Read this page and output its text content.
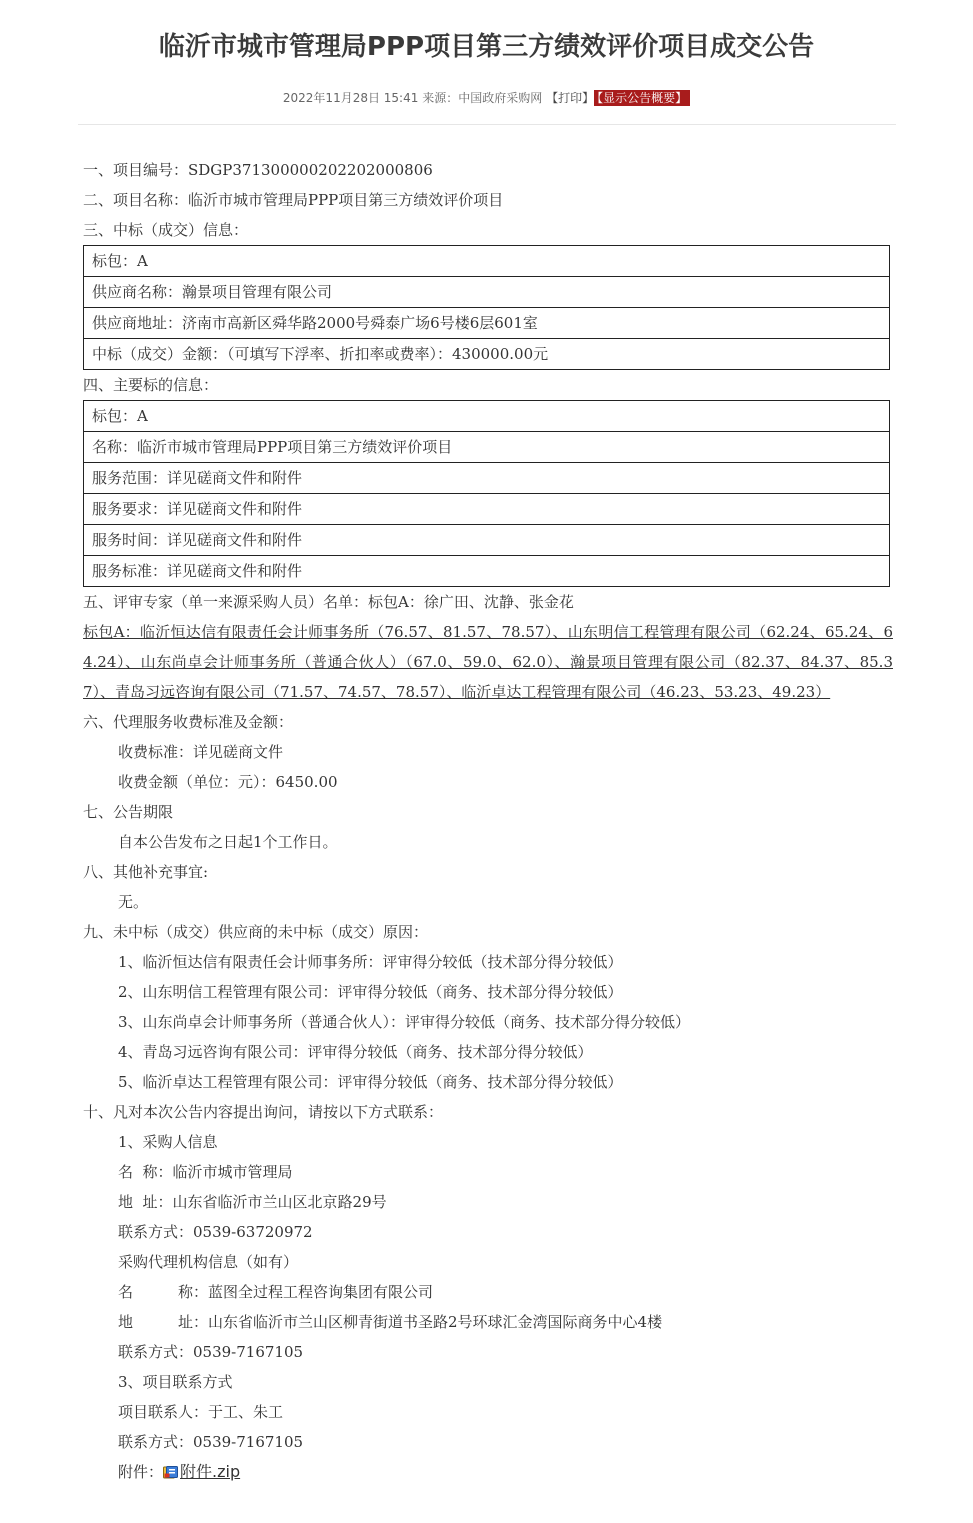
临沂市城市管理局PPP项目第三方绩效评价项目成交公告
2022年11月28日 15:41 来源：中国政府采购网 【打印】 【显示公告概要】
一、项目编号：SDGP371300000202202000806
二、项目名称：临沂市城市管理局PPP项目第三方绩效评价项目
三、中标（成交）信息：
标包：A
供应商名称：瀚景项目管理有限公司
供应商地址：济南市高新区舜华路2000号舜泰广场6号楼6层601室
中标（成交）金额：（可填写下浮率、折扣率或费率）：430000.00元
四、主要标的信息：
标包：A
名称：临沂市城市管理局PPP项目第三方绩效评价项目
服务范围：详见磋商文件和附件
服务要求：详见磋商文件和附件
服务时间：详见磋商文件和附件
服务标准：详见磋商文件和附件
五、评审专家（单一来源采购人员）名单：标包A：徐广田、沈静、张金花
标包A：临沂恒达信有限责任会计师事务所（76.57、81.57、78.57）、山东明信工程管理有限公司（62.24、65.24、64.24）、山东尚卓会计师事务所（普通合伙人）（67.0、59.0、62.0）、瀚景项目管理有限公司（82.37、84.37、85.37）、青岛习远咨询有限公司（71.57、74.57、78.57）、临沂卓达工程管理有限公司（46.23、53.23、49.23）
六、代理服务收费标准及金额：
收费标准：详见磋商文件
收费金额（单位：元）：6450.00
七、公告期限
自本公告发布之日起1个工作日。
八、其他补充事宜:
无。
九、未中标（成交）供应商的未中标（成交）原因：
1、临沂恒达信有限责任会计师事务所：评审得分较低（技术部分得分较低）
2、山东明信工程管理有限公司：评审得分较低（商务、技术部分得分较低）
3、山东尚卓会计师事务所（普通合伙人）：评审得分较低（商务、技术部分得分较低）
4、青岛习远咨询有限公司：评审得分较低（商务、技术部分得分较低）
5、临沂卓达工程管理有限公司：评审得分较低（商务、技术部分得分较低）
十、凡对本次公告内容提出询问，请按以下方式联系：
1、采购人信息
名  称：临沂市城市管理局
地  址：山东省临沂市兰山区北京路29号
联系方式：0539-63720972
采购代理机构信息（如有）
名　　　称：蓝图全过程工程咨询集团有限公司
地　　　址：山东省临沂市兰山区柳青街道书圣路2号环球汇金湾国际商务中心4楼
联系方式：0539-7167105
3、项目联系方式
项目联系人：于工、朱工
联系方式：0539-7167105
附件： 附件.zip
